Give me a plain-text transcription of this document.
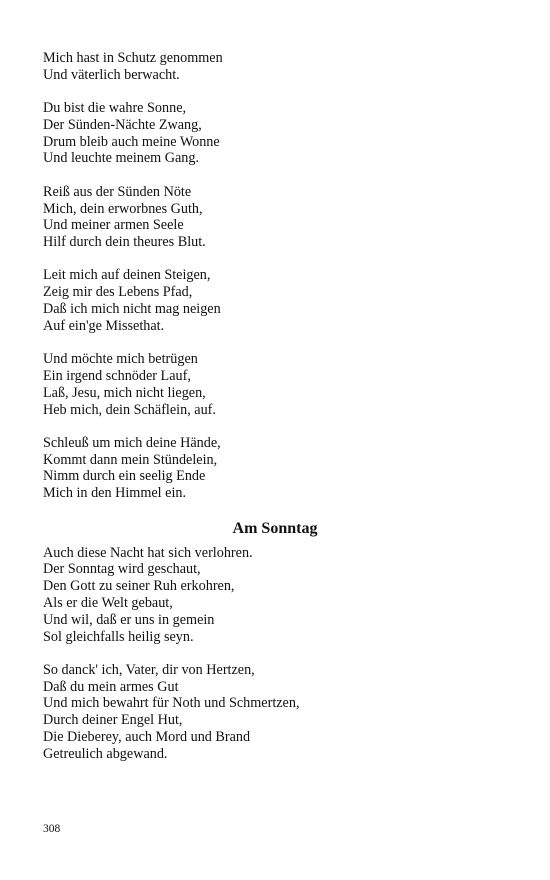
Mich hast in Schutz genommen
Und väterlich berwacht.
Du bist die wahre Sonne,
Der Sünden-Nächte Zwang,
Drum bleib auch meine Wonne
Und leuchte meinem Gang.
Reiß aus der Sünden Nöte
Mich, dein erworbnes Guth,
Und meiner armen Seele
Hilf durch dein theures Blut.
Leit mich auf deinen Steigen,
Zeig mir des Lebens Pfad,
Daß ich mich nicht mag neigen
Auf ein'ge Missethat.
Und möchte mich betrügen
Ein irgend schnöder Lauf,
Laß, Jesu, mich nicht liegen,
Heb mich, dein Schäflein, auf.
Schleuß um mich deine Hände,
Kommt dann mein Stündelein,
Nimm durch ein seelig Ende
Mich in den Himmel ein.
Am Sonntag
Auch diese Nacht hat sich verlohren.
Der Sonntag wird geschaut,
Den Gott zu seiner Ruh erkohren,
Als er die Welt gebaut,
Und wil, daß er uns in gemein
Sol gleichfalls heilig seyn.
So danck' ich, Vater, dir von Hertzen,
Daß du mein armes Gut
Und mich bewahrt für Noth und Schmertzen,
Durch deiner Engel Hut,
Die Dieberey, auch Mord und Brand
Getreulich abgewand.
308
